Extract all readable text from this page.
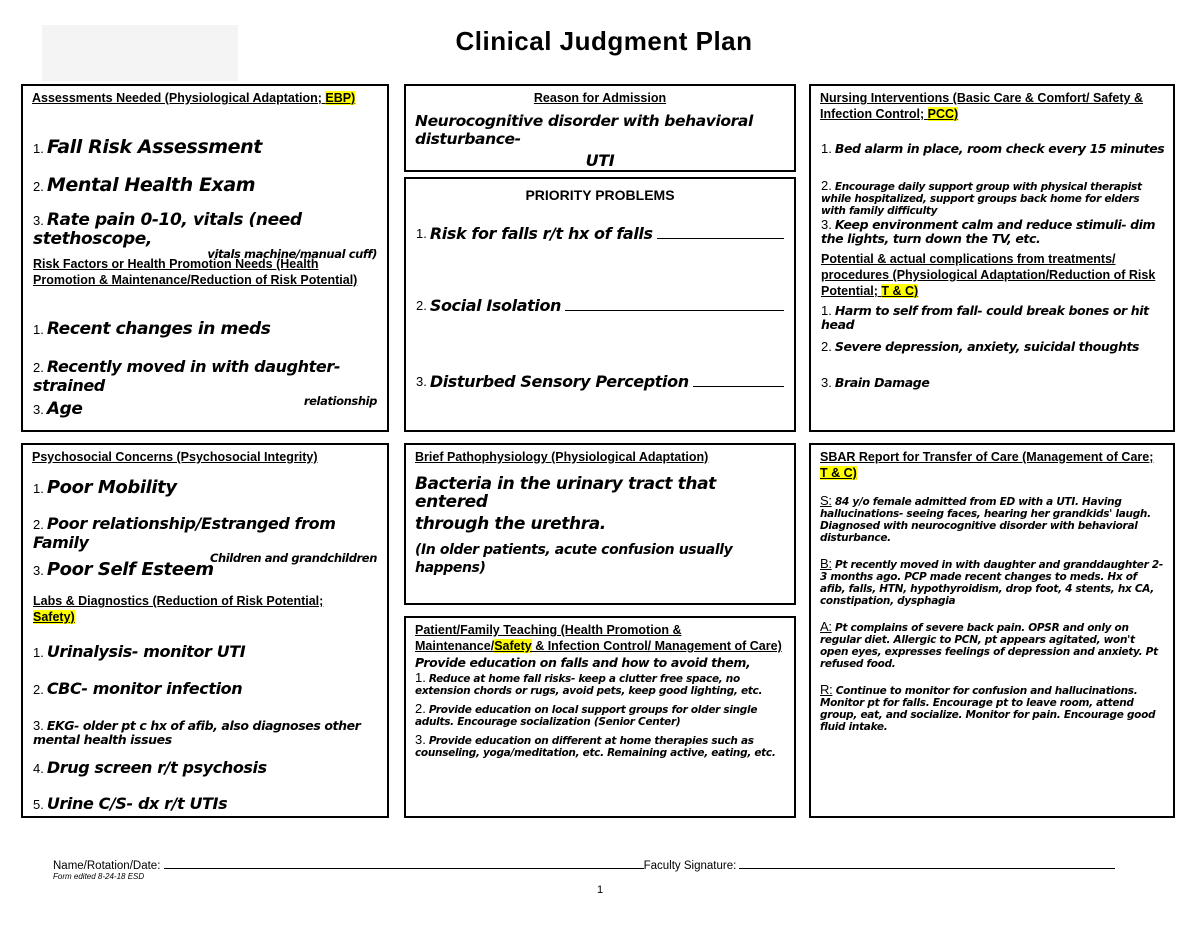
Clinical Judgment Plan
Assessments Needed (Physiological Adaptation; EBP)
1. Fall Risk Assessment
2. Mental Health Exam
3. Rate pain 0-10, vitals (need stethoscope,
vitals machine/manual cuff)
Risk Factors or Health Promotion Needs (Health Promotion & Maintenance/Reduction of Risk Potential)
1. Recent changes in meds
2. Recently moved in with daughter-strained
relationship
3. Age
Reason for Admission
Neurocognitive disorder with behavioral disturbance-
UTI
PRIORITY PROBLEMS
1. Risk for falls r/t hx of falls
2. Social Isolation
3. Disturbed Sensory Perception
Nursing Interventions (Basic Care & Comfort/ Safety & Infection Control; PCC)
1. Bed alarm in place, room check every 15 minutes
2. Encourage daily support group with physical therapist while hospitalized, support groups back home for elders with family difficulty
3. Keep environment calm and reduce stimuli- dim the lights, turn down the TV, etc.
Potential & actual complications from treatments/ procedures (Physiological Adaptation/Reduction of Risk Potential; T & C)
1. Harm to self from fall- could break bones or hit head
2. Severe depression, anxiety, suicidal thoughts
3. Brain Damage
Psychosocial Concerns (Psychosocial Integrity)
1. Poor Mobility
2. Poor relationship/Estranged from Family
Children and grandchildren
3. Poor Self Esteem
Labs & Diagnostics (Reduction of Risk Potential;
Safety)
1. Urinalysis- monitor UTI
2. CBC- monitor infection
3. EKG- older pt c hx of afib, also diagnoses other
mental health issues
4. Drug screen r/t psychosis
5. Urine C/S- dx r/t UTIs
Brief Pathophysiology (Physiological Adaptation)
Bacteria in the urinary tract that entered
through the urethra.
(In older patients, acute confusion usually happens)
Patient/Family Teaching (Health Promotion & Maintenance/Safety & Infection Control/ Management of Care)
Provide education on falls and how to avoid them,
1. Reduce at home fall risks- keep a clutter free space, no extension chords or rugs, avoid pets, keep good lighting, etc.
2. Provide education on local support groups for older single adults. Encourage socialization (Senior Center)
3. Provide education on different at home therapies such as counseling, yoga/meditation, etc. Remaining active, eating, etc.
SBAR Report for Transfer of Care (Management of Care; T & C)
S: 84 y/o female admitted from ED with a UTI. Having hallucinations- seeing faces, hearing her grandkids' laugh. Diagnosed with neurocognitive disorder with behavioral disturbance.
B: Pt recently moved in with daughter and granddaughter 2-3 months ago. PCP made recent changes to meds. Hx of afib, falls, HTN, hypothyroidism, drop foot, 4 stents, hx CA, constipation, dysphagia
A: Pt complains of severe back pain. OPSR and only on regular diet. Allergic to PCN, pt appears agitated, won't open eyes, expresses feelings of depression and anxiety. Pt refused food.
R: Continue to monitor for confusion and hallucinations. Monitor pt for falls. Encourage pt to leave room, attend group, eat, and socialize. Monitor for pain. Encourage good fluid intake.
Name/Rotation/Date:	Faculty Signature:
Form edited 8-24-18 ESD
1
